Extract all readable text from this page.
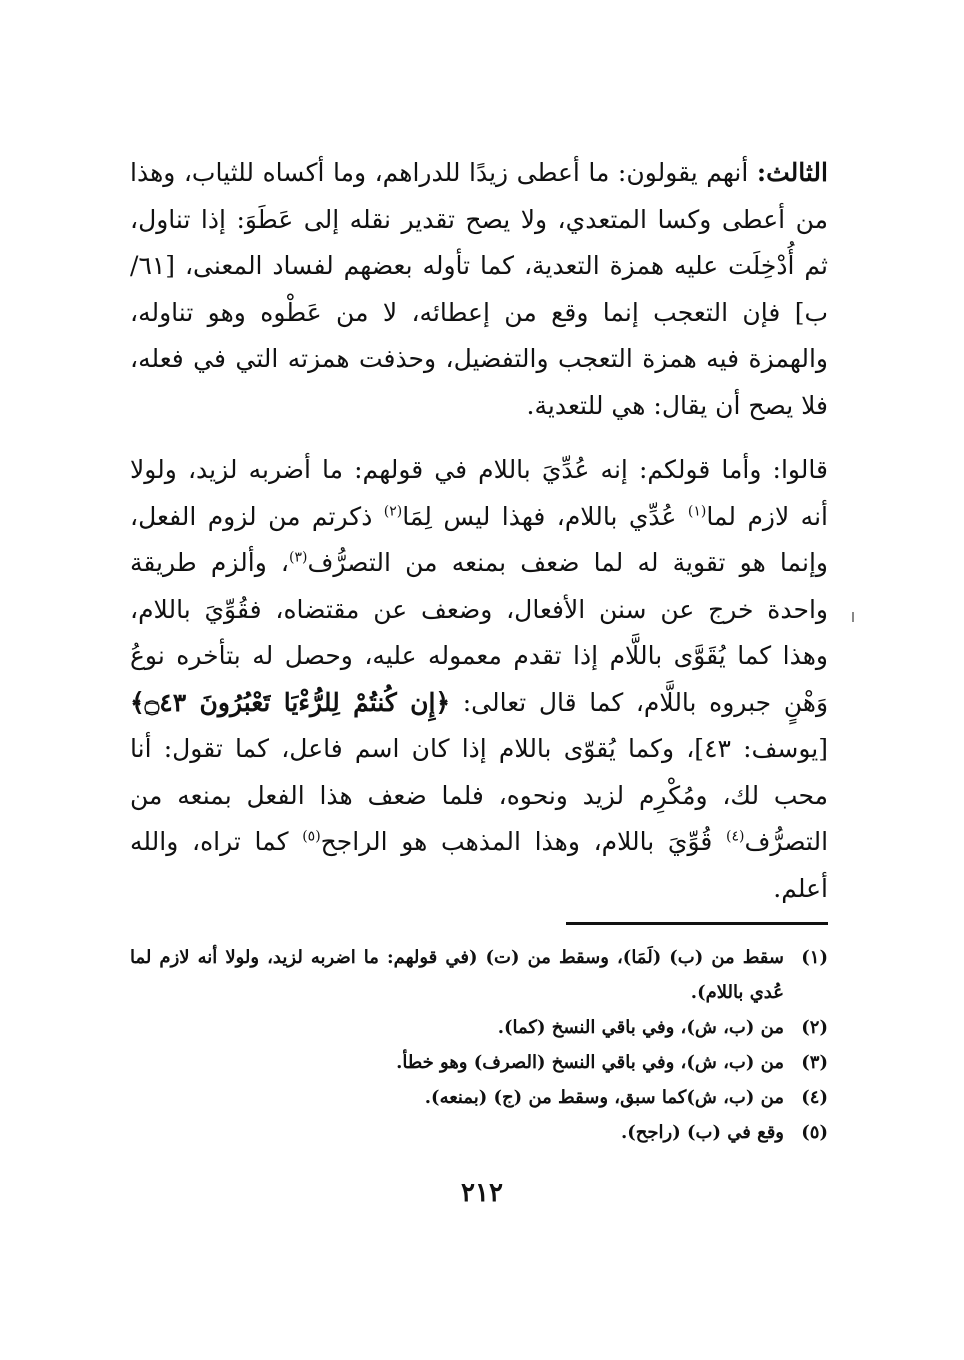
الثالث: أنهم يقولون: ما أعطى زيدًا للدراهم، وما أكساه للثياب، وهذا من أعطى وكسا المتعدي، ولا يصح تقدير نقله إلى عَطَوَ: إذا تناول، ثم أُدْخِلَت عليه همزة التعدية، كما تأوله بعضهم لفساد المعنى، [٦١/ب] فإن التعجب إنما وقع من إعطائه، لا من عَطْوه وهو تناوله، والهمزة فيه همزة التعجب والتفضيل، وحذفت همزته التي في فعله، فلا يصح أن يقال: هي للتعدية.

قالوا: وأما قولكم: إنه عُدِّيَ باللام في قولهم: ما أضربه لزيد، ولولا أنه لازم لما$^{(١)}$ عُدِّي باللام، فهذا ليس لِمَا$^{(٢)}$ ذكرتم من لزوم الفعل، وإنما هو تقوية له لما ضعف بمنعه من التصرُّف$^{(٣)}$، وألزم طريقة واحدة خرج عن سنن الأفعال، وضعف عن مقتضاه، فقُوِّيَ باللام، وهذا كما يُقَوَّى باللَّام إذا تقدم معموله عليه، وحصل له بتأخره نوعُ وَهْنٍ جبروه باللَّام، كما قال تعالى: ﴿إِن كُنتُمْ لِلرُّءْيَا تَعْبُرُونَ ۝٤٣﴾ [يوسف: ٤٣]، وكما يُقوّى باللام إذا كان اسم فاعل، كما تقول: أنا محب لك، ومُكْرِم لزيد ونحوه، فلما ضعف هذا الفعل بمنعه من التصرُّف$^{(٤)}$ قُوِّيَ باللام، وهذا المذهب هو الراجح$^{(٥)}$ كما تراه، والله أعلم.

(١)
سقط من (ب) (لَمَا)، وسقط من (ت) (في قولهم: ما اضربه لزيد، ولولا أنه لازم لما عُدي باللام).
(٢)
من (ب، ش)، وفي باقي النسخ (كما).
(٣)
من (ب، ش)، وفي باقي النسخ (الصرف) وهو خطأ.
(٤)
من (ب، ش)كما سبق، وسقط من (ج) (بمنعه).
(٥)
وقع في (ب) (راجح).
٢١٢
